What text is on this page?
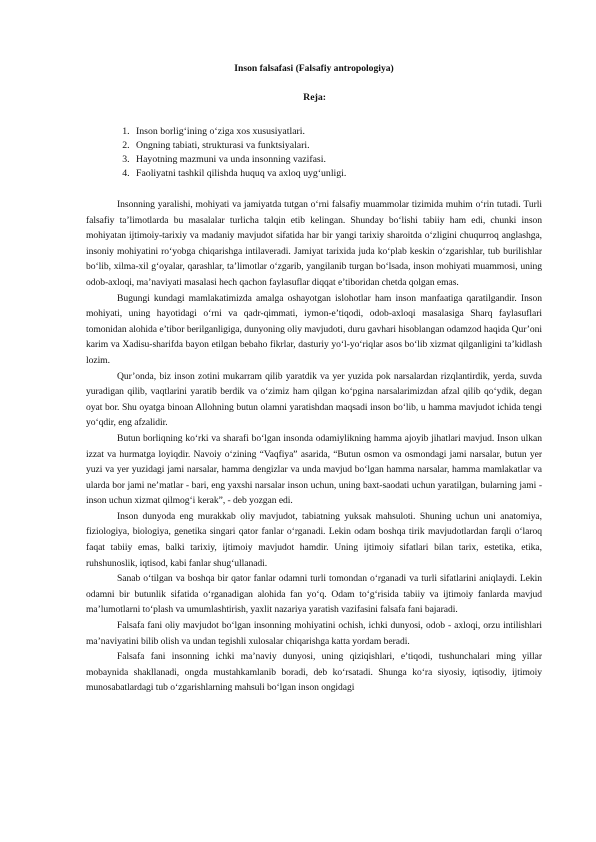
Inson falsafasi (Falsafiy antropologiya)

Reja:

1. Inson borlig‘ining o‘ziga xos xususiyatlari.
2. Ongning tabiati, strukturasi va funktsiyalari.
3. Hayotning mazmuni va unda insonning vazifasi.
4. Faoliyatni tashkil qilishda huquq va axloq uyg‘unligi.

Insonning yaralishi, mohiyati va jamiyatda tutgan o‘rni falsafiy muammolar tizimida muhim o‘rin tutadi. Turli falsafiy ta’limotlarda bu masalalar turlicha talqin etib kelingan. Shunday bo‘lishi tabiiy ham edi, chunki inson mohiyatan ijtimoiy-tarixiy va madaniy mavjudot sifatida har bir yangi tarixiy sharoitda o‘zligini chuqurroq anglashga, insoniy mohiyatini ro‘yobga chiqarishga intilaveradi. Jamiyat tarixida juda ko‘plab keskin o‘zgarishlar, tub burilishlar bo‘lib, xilma-xil g‘oyalar, qarashlar, ta’limotlar o‘zgarib, yangilanib turgan bo‘lsada, inson mohiyati muammosi, uning odob-axloqi, ma’naviyati masalasi hech qachon faylasuflar diqqat e’tiboridan chetda qolgan emas.

Bugungi kundagi mamlakatimizda amalga oshayotgan islohotlar ham inson manfaatiga qaratilgandir. Inson mohiyati, uning hayotidagi o‘rni va qadr-qimmati, iymon-e’tiqodi, odob-axloqi masalasiga Sharq faylasuflari tomonidan alohida e’tibor berilganligiga, dunyoning oliy mavjudoti, duru gavhari hisoblangan odamzod haqida Qur’oni karim va Xadisu-sharifda bayon etilgan bebaho fikrlar, dasturiy yo‘l-yo‘riqlar asos bo‘lib xizmat qilganligini ta’kidlash lozim.

Qur’onda, biz inson zotini mukarram qilib yaratdik va yer yuzida pok narsalardan rizqlantirdik, yerda, suvda yuradigan qilib, vaqtlarini yaratib berdik va o‘zimiz ham qilgan ko‘pgina narsalarimizdan afzal qilib qo‘ydik, degan oyat bor. Shu oyatga binoan Allohning butun olamni yaratishdan maqsadi inson bo‘lib, u hamma mavjudot ichida tengi yo‘qdir, eng afzalidir.

Butun borliqning ko‘rki va sharafi bo‘lgan insonda odamiylikning hamma ajoyib jihatlari mavjud. Inson ulkan izzat va hurmatga loyiqdir. Navoiy o‘zining “Vaqfiya” asarida, “Butun osmon va osmondagi jami narsalar, butun yer yuzi va yer yuzidagi jami narsalar, hamma dengizlar va unda mavjud bo‘lgan hamma narsalar, hamma mamlakatlar va ularda bor jami ne’matlar - bari, eng yaxshi narsalar inson uchun, uning baxt-saodati uchun yaratilgan, bularning jami - inson uchun xizmat qilmog‘i kerak”, - deb yozgan edi.

Inson dunyoda eng murakkab oliy mavjudot, tabiatning yuksak mahsuloti. Shuning uchun uni anatomiya, fiziologiya, biologiya, genetika singari qator fanlar o‘rganadi. Lekin odam boshqa tirik mavjudotlardan farqli o‘laroq faqat tabiiy emas, balki tarixiy, ijtimoiy mavjudot hamdir. Uning ijtimoiy sifatlari bilan tarix, estetika, etika, ruhshunoslik, iqtisod, kabi fanlar shug‘ullanadi.

Sanab o‘tilgan va boshqa bir qator fanlar odamni turli tomondan o‘rganadi va turli sifatlarini aniqlaydi. Lekin odamni bir butunlik sifatida o‘rganadigan alohida fan yo‘q. Odam to‘g‘risida tabiiy va ijtimoiy fanlarda mavjud ma’lumotlarni to‘plash va umumlashtirish, yaxlit nazariya yaratish vazifasini falsafa fani bajaradi.

Falsafa fani oliy mavjudot bo‘lgan insonning mohiyatini ochish, ichki dunyosi, odob - axloqi, orzu intilishlari ma’naviyatini bilib olish va undan tegishli xulosalar chiqarishga katta yordam beradi.

Falsafa fani insonning ichki ma’naviy dunyosi, uning qiziqishlari, e’tiqodi, tushunchalari ming yillar mobaynida shakllanadi, ongda mustahkamlanib boradi, deb ko‘rsatadi. Shunga ko‘ra siyosiy, iqtisodiy, ijtimoiy munosabatlardagi tub o‘zgarishlarning mahsuli bo‘lgan inson ongidagi
